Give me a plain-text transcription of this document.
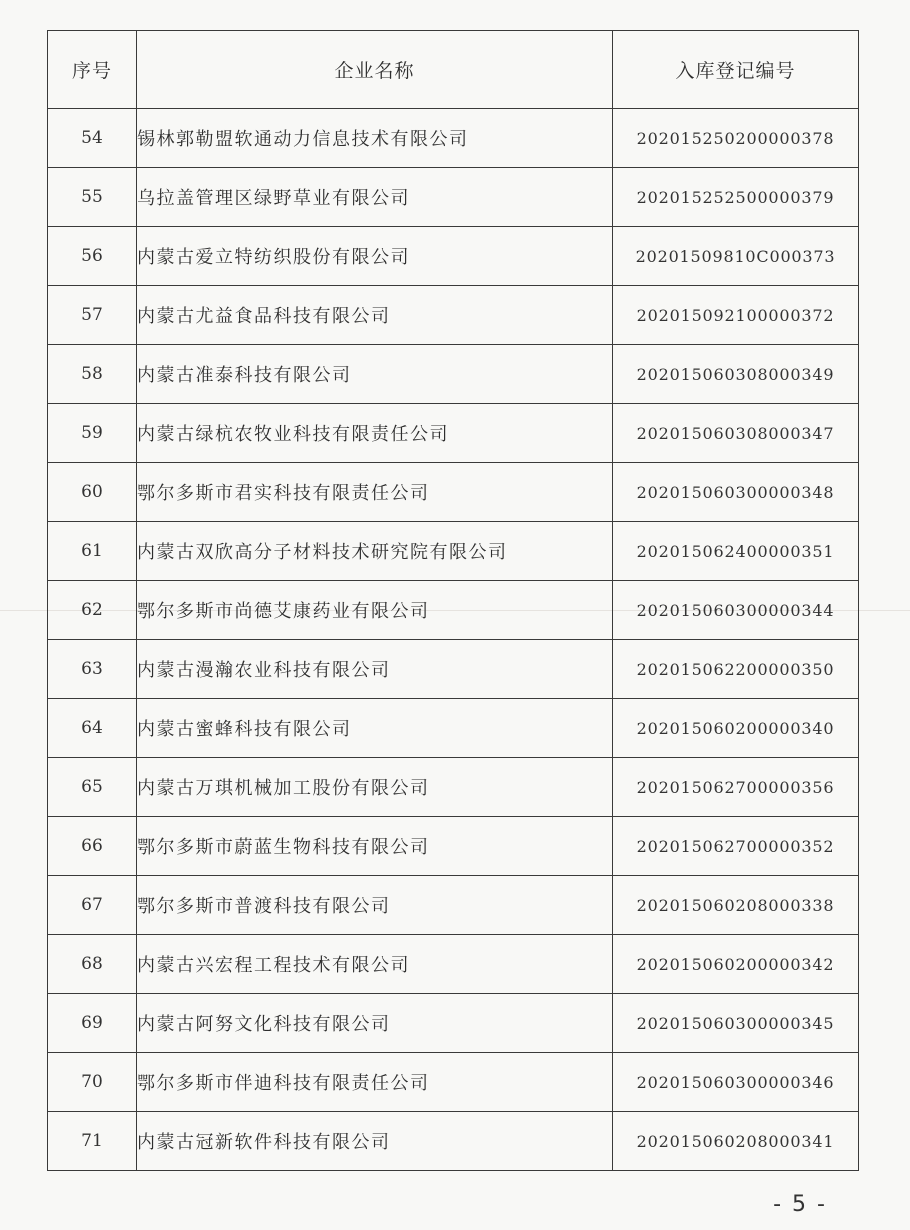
序号	企业名称	入库登记编号
54	锡林郭勒盟软通动力信息技术有限公司	202015250200000378
55	乌拉盖管理区绿野草业有限公司	202015252500000379
56	内蒙古爱立特纺织股份有限公司	20201509810C000373
57	内蒙古尤益食品科技有限公司	202015092100000372
58	内蒙古准泰科技有限公司	202015060308000349
59	内蒙古绿杭农牧业科技有限责任公司	202015060308000347
60	鄂尔多斯市君实科技有限责任公司	202015060300000348
61	内蒙古双欣高分子材料技术研究院有限公司	202015062400000351
62	鄂尔多斯市尚德艾康药业有限公司	202015060300000344
63	内蒙古漫瀚农业科技有限公司	202015062200000350
64	内蒙古蜜蜂科技有限公司	202015060200000340
65	内蒙古万琪机械加工股份有限公司	202015062700000356
66	鄂尔多斯市蔚蓝生物科技有限公司	202015062700000352
67	鄂尔多斯市普渡科技有限公司	202015060208000338
68	内蒙古兴宏程工程技术有限公司	202015060200000342
69	内蒙古阿努文化科技有限公司	202015060300000345
70	鄂尔多斯市伴迪科技有限责任公司	202015060300000346
71	内蒙古冠新软件科技有限公司	202015060208000341
- 5 -
